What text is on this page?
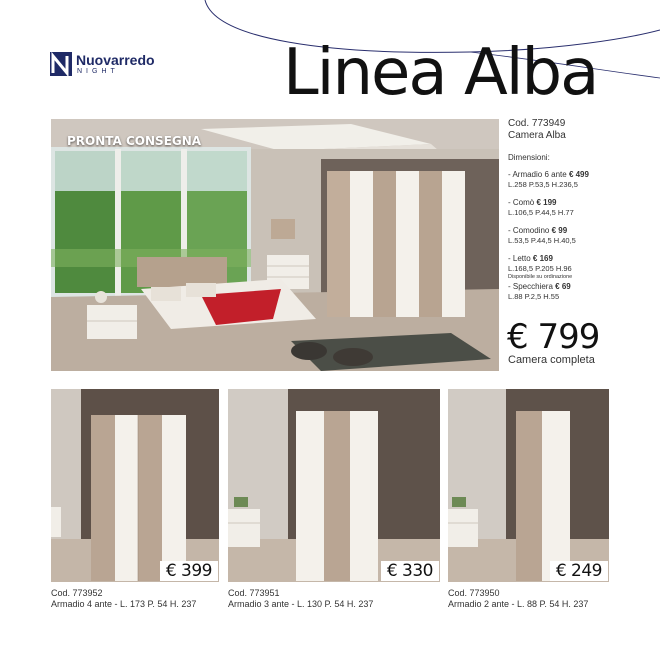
Nuovarredo
NIGHT	Linea Alba
PRONTA CONSEGNA
Cod. 773949
Camera Alba
Dimensioni:
- Armadio 6 ante € 499
L.258 P.53,5 H.236,5
- Comò € 199
L.106,5 P.44,5 H.77
- Comodino € 99
L.53,5 P.44,5 H.40,5
- Letto € 169
L.168,5 P.205 H.96
Disponibile su ordinazione
- Specchiera € 69
L.88 P.2,5 H.55
€ 799
Camera completa
€ 399
Cod. 773952
Armadio 4 ante - L. 173 P. 54 H. 237
€ 330
Cod. 773951
Armadio 3 ante - L. 130 P. 54 H. 237
€ 249
Cod. 773950
Armadio 2 ante - L. 88 P. 54 H. 237
